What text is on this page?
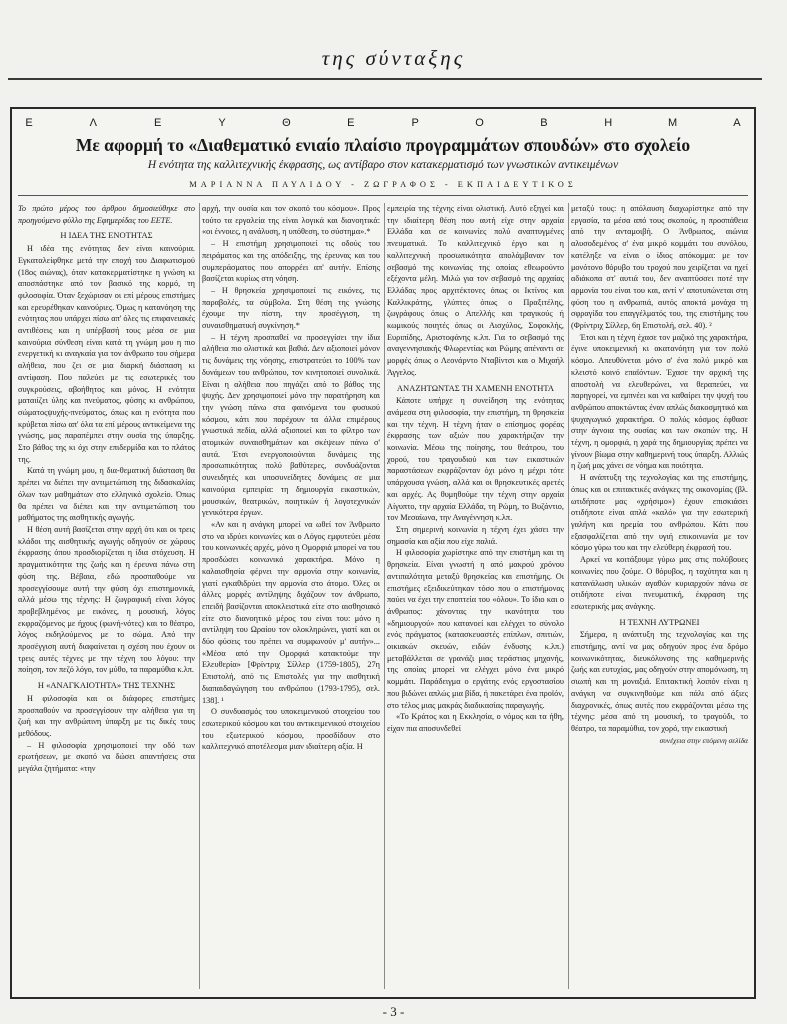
της σύνταξης
Ε	Λ	Ε	Υ	Θ	Ε	Ρ	Ο	Β	Η	Μ	Α
Με αφορμή το «Διαθεματικό ενιαίο πλαίσιο προγραμμάτων σπουδών» στο σχολείο
Η ενότητα της καλλιτεχνικής έκφρασης, ως αντίβαρο στον κατακερματισμό των γνωστικών αντικειμένων
ΜΑΡΙΑΝΝΑ ΠΑΥΛΙΔΟΥ - ΖΩΓΡΑΦΟΣ - ΕΚΠΑΙΔΕΥΤΙΚΟΣ

Το πρώτο μέρος του άρθρου δημοσιεύθηκε στο προηγούμενο φύλλο της Εφημερίδας του ΕΕΤΕ.

Η ΙΔΕΑ ΤΗΣ ΕΝΟΤΗΤΑΣ

Η ιδέα της ενότητας δεν είναι καινούρια. Εγκαταλείφθηκε μετά την εποχή του Διαφωτισμού (18ος αιώνας), όταν κατακερματίστηκε η γνώση κι αποσπάστηκε από τον βασικό της κορμό, τη φιλοσοφία. Όταν ξεχώρισαν οι επί μέρους επιστήμες και ερευρέθηκαν καινούριες. Όμως η κατανόηση της ενότητας που υπάρχει πίσω απ' όλες τις επιφανειακές αντιθέσεις και η υπέρβασή τους μέσα σε μια καινούρια σύνθεση είναι κατά τη γνώμη μου η πιο ενεργετική κι αναγκαία για τον άνθρωπο του σήμερα αλήθεια, που ζει σε μια διαρκή διάσπαση κι αντίφαση. Που παλεύει με τις εσωτερικές του συγκρούσεις, αβοήθητος και μόνος. Η ενότητα ματαιίζει ύλης και πνεύματος, φύσης κι ανθρώπου, σώματοςψυχής-πνεύματος, όπως και η ενότητα που κρύβεται πίσω απ' όλα τα επί μέρους αντικείμενα της γνώσης, μας παραπέμπει στην ουσία της ύπαρξης. Στο βάθος της κι όχι στην επιδερμίδα και το πλάτος της.

Κατά τη γνώμη μου, η δια-θεματική διάσταση θα πρέπει να διέπει την αντιμετώπιση της διδασκαλίας όλων των μαθημάτων στο ελληνικό σχολείο. Όπως θα πρέπει να διέπει και την αντιμετώπιση του μαθήματος της αισθητικής αγωγής.

Η θέση αυτή βασίζεται στην αρχή ότι και οι τρεις κλάδοι της αισθητικής αγωγής οδηγούν σε χώρους έκφρασης όπου προσδιορίζεται η ίδια στόχευση. Η πραγματικότητα της ζωής και η έρευνα πάνω στη φύση της. Βέβαια, εδώ προσπαθούμε να προσεγγίσουμε αυτή την φύση όχι επιστημονικά, αλλά μέσω της τέχνης: Η ζωγραφική είναι λόγος προβεβλημένος με εικόνες, η μουσική, λόγος εκφραζόμενος με ήχους (φωνή-νότες) και το θέατρο, λόγος εκδηλούμενος με το σώμα. Από την προσέγγιση αυτή διαφαίνεται η σχέση που έχουν οι τρεις αυτές τέχνες με την τέχνη του λόγου: την ποίηση, τον πεζό λόγο, τον μύθο, τα παραμύθια κ.λπ.

Η «ΑΝΑΓΚΑΙΟΤΗΤΑ» ΤΗΣ ΤΕΧΝΗΣ

Η φιλοσοφία και οι διάφορες επιστήμες προσπαθούν να προσεγγίσουν την αλήθεια για τη ζωή και την ανθρώπινη ύπαρξη με τις δικές τους μεθόδους.

– Η φιλοσοφία χρησιμοποιεί την οδό των ερωτήσεων, με σκοπό να δώσει απαντήσεις στα μεγάλα ζητήματα: «την

αρχή, την ουσία και τον σκοπό του κόσμου». Προς τούτο τα εργαλεία της είναι λογικά και διανοητικά: «οι έννοιες, η ανάλυση, η υπόθεση, το σύστημα».*

– Η επιστήμη χρησιμοποιεί τις οδούς του πειράματος και της απόδειξης, της έρευνας και του συμπεράσματος που απορρέει απ' αυτήν. Επίσης βασίζεται κυρίως στη νόηση.

– Η θρησκεία χρησιμοποιεί τις εικόνες, τις παραβολές, τα σύμβολα. Στη θέση της γνώσης έχουμε την πίστη, την προσέγγιση, τη συναισθηματική συγκίνηση.*

– Η τέχνη προσπαθεί να προσεγγίσει την ίδια αλήθεια πιο ολιστικά και βαθιά. Δεν αξιοποιεί μόνον τις δυνάμεις της νόησης, επιστρατεύει το 100% των δυνάμεων του ανθρώπου, τον κινητοποιεί συνολικά. Είναι η αλήθεια που πηγάζει από το βάθος της ψυχής. Δεν χρησιμοποιεί μόνο την παρατήρηση και την γνώση πάνω στα φαινόμενα του φυσικού κόσμου, κάτι που παρέχουν τα άλλα επιμέρους γνωστικά πεδία, αλλά αξιοποιεί και το φίλτρο των ατομικών συναισθημάτων και σκέψεων πάνω σ' αυτά. Έτσι ενεργοποιούνται δυνάμεις της προσωπικότητας πολύ βαθύτερες, συνδυάζονται συνειδητές και υποσυνείδητες δυνάμεις σε μια καινούρια εμπειρία: τη δημιουργία εικαστικών, μουσικών, θεατρικών, ποιητικών ή λογοτεχνικών γενικότερα έργων.

«Αν και η ανάγκη μπορεί να ωθεί τον Άνθρωπο στο να ιδρύει κοινωνίες και ο Λόγος εμφυτεύει μέσα του κοινωνικές αρχές, μόνο η Ομορφιά μπορεί να του προσδώσει κοινωνικό χαρακτήρα. Μόνο η καλαισθησία φέρνει την αρμονία στην κοινωνία, γιατί εγκαθιδρύει την αρμονία στο άτομο. Όλες οι άλλες μορφές αντίληψης διχάζουν τον άνθρωπο, επειδή βασίζονται αποκλειστικά είτε στο αισθησιακό είτε στο διανοητικό μέρος του είναι του: μόνο η αντίληψη του Ωραίου τον ολοκληρώνει, γιατί και οι δύο φύσεις του πρέπει να συμφωνούν μ' αυτήν»... «Μέσα από την Ομορφιά κατακτούμε την Ελευθερία» [Φρίντριχ Σίλλερ (1759-1805), 27η Επιστολή, από τις Επιστολές για την αισθητική διαπαιδαγώγηση του ανθρώπου (1793-1795), σελ. 138]. ¹

Ο συνδυασμός του υποκειμενικού στοιχείου του εσωτερικού κόσμου και του αντικειμενικού στοιχείου του εξωτερικού κόσμου, προσδίδουν στο καλλιτεχνικό αποτέλεσμα μιαν ιδιαίτερη αξία. Η

εμπειρία της τέχνης είναι ολιστική. Αυτό εξηγεί και την ιδιαίτερη θέση που αυτή είχε στην αρχαία Ελλάδα και σε κοινωνίες πολύ αναπτυγμένες πνευματικά. Το καλλιτεχνικό έργο και η καλλιτεχνική προσωπικότητα απολάμβαναν τον σεβασμό της κοινωνίας της οποίας εθεωρούντο εξέχοντα μέλη. Μιλώ για τον σεβασμό της αρχαίας Ελλάδας προς αρχιτέκτονες όπως οι Ικτίνος και Καλλικράτης, γλύπτες όπως ο Πραξιτέλης, ζωγράφους όπως ο Απελλής και τραγικούς ή κωμικούς ποιητές όπως οι Αισχύλος, Σοφοκλής, Ευριπίδης, Αριστοφάνης κ.λπ. Για το σεβασμό της αναγεννησιακής Φλωρεντίας και Ρώμης απέναντι σε μορφές όπως ο Λεονάρντο Νταβίντσι και ο Μιχαήλ Άγγελος.

ΑΝΑΖΗΤΩΝΤΑΣ ΤΗ ΧΑΜΕΝΗ ΕΝΟΤΗΤΑ

Κάποτε υπήρχε η συνείδηση της ενότητας ανάμεσα στη φιλοσοφία, την επιστήμη, τη θρησκεία και την τέχνη. Η τέχνη ήταν ο επίσημος φορέας έκφρασης των αξιών που χαρακτήριζαν την κοινωνία. Μέσω της ποίησης, του θεάτρου, του χορού, του τραγουδιού και των εικαστικών παραστάσεων εκφράζονταν όχι μόνο η μέχρι τότε υπάρχουσα γνώση, αλλά και οι θρησκευτικές αρετές και αρχές. Ας θυμηθούμε την τέχνη στην αρχαία Αίγυπτο, την αρχαία Ελλάδα, τη Ρώμη, το Βυζάντιο, τον Μεσαίωνα, την Αναγέννηση κ.λπ.

Στη σημερινή κοινωνία η τέχνη έχει χάσει την σημασία και αξία που είχε παλιά.

Η φιλοσοφία χωρίστηκε από την επιστήμη και τη θρησκεία. Είναι γνωστή η από μακρού χρόνου αντιπαλότητα μεταξύ θρησκείας και επιστήμης. Οι επιστήμες εξειδικεύτηκαν τόσο που ο επιστήμονας παύει να έχει την εποπτεία του «όλου». Το ίδιο και ο άνθρωπος: χάνοντας την ικανότητα του «δημιουργού» που κατανοεί και ελέγχει το σύνολο ενός πράγματος (κατασκευαστές επίπλων, σπιτιών, οικιακών σκευών, ειδών ένδυσης κ.λπ.) μεταβάλλεται σε γρανάζι μιας τεράστιας μηχανής, της οποίας μπορεί να ελέγχει μόνο ένα μικρό κομμάτι. Παράδειγμα ο εργάτης ενός εργοστασίου που βιδώνει απλώς μια βίδα, ή πακετάρει ένα προϊόν, στο τέλος μιας μακράς διαδικασίας παραγωγής.

«Το Κράτος και η Εκκλησία, ο νόμος και τα ήθη, είχαν πια αποσυνδεθεί

μεταξύ τους: η απόλαυση διαχωρίστηκε από την εργασία, τα μέσα από τους σκοπούς, η προσπάθεια από την ανταμοιβή. Ο Άνθρωπος, αιώνια αλυσοδεμένος σ' ένα μικρό κομμάτι του συνόλου, κατέληξε να είναι ο ίδιος απόκομμα: με τον μονότονο θόρυβο του τροχού που χειρίζεται να ηχεί αδιάκοπα στ' αυτιά του, δεν αναπτύσσει ποτέ την αρμονία του είναι του και, αντί ν' αποτυπώνεται στη φύση του η ανθρωπιά, αυτός αποκτά μονάχα τη σφραγίδα του επαγγέλματός του, της επιστήμης του (Φρίντριχ Σίλλερ, 6η Επιστολή, σελ. 40). ²

Έτσι και η τέχνη έχασε τον μαζικό της χαρακτήρα, έγινε υποκειμενική κι ακατανόητη για τον πολύ κόσμο. Απευθύνεται μόνο σ' ένα πολύ μικρό και κλειστό κοινό επαϊόντων. Έχασε την αρχική της αποστολή να ελευθερώνει, να θεραπεύει, να παρηγορεί, να εμπνέει και να καθαίρει την ψυχή του ανθρώπου αποκτώντας έναν απλώς διακοσμητικό και ψυχαγωγικό χαρακτήρα. Ο πολύς κόσμος έφθασε στην άγνοια της ουσίας και των σκοπών της. Η τέχνη, η ομορφιά, η χαρά της δημιουργίας πρέπει να γίνουν βίωμα στην καθημερινή τους ύπαρξη. Αλλιώς η ζωή μας χάνει σε νόημα και ποιότητα.

Η ανάπτυξη της τεχνολογίας και της επιστήμης, όπως και οι επιτακτικές ανάγκες της οικονομίας (βλ. ωτιδήποτε μας «χρήσιμο») έχουν επισκιάσει οτιδήποτε είναι απλά «καλό» για την εσωτερική γαλήνη και ηρεμία του ανθρώπου. Κάτι που εξασφαλίζεται από την υγιή επικοινωνία με τον κόσμο γύρω του και την ελεύθερη έκφρασή του.

Αρκεί να κοιτάξουμε γύρω μας στις πολύβουες κοινωνίες που ζούμε. Ο θόρυβος, η ταχύτητα και η κατανάλωση υλικών αγαθών κυριαρχούν πάνω σε οτιδήποτε είναι πνευματική, έκφραση της εσωτερικής μας ανάγκης.

Η ΤΕΧΝΗ ΛΥΤΡΩΝΕΙ

Σήμερα, η ανάπτυξη της τεχνολογίας και της επιστήμης, αντί να μας οδηγούν προς ένα δρόμο κοινωνικότητας, διευκόλυνσης της καθημερινής ζωής και ευτυχίας, μας οδηγούν στην απομόνωση, τη σιωπή και τη μοναξιά. Επιτακτική λοιπόν είναι η ανάγκη να συγκινηθούμε και πάλι από άξιες διαχρονικές, όπως αυτές που εκφράζονται μέσω της τέχνης: μέσα από τη μουσική, το τραγούδι, το θέατρο, τα παραμύθια, τον χορό, την εικαστική

συνέχεια στην επόμενη σελίδα

- 3 -
